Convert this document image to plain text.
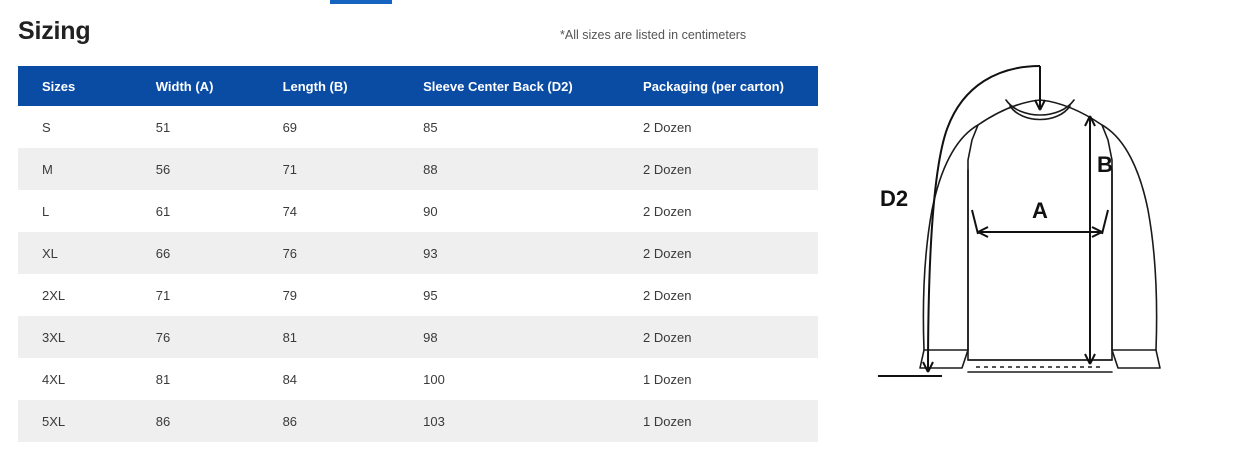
Sizing	*All sizes are listed in centimeters
Sizes	Width (A)	Length (B)	Sleeve Center Back (D2)	Packaging (per carton)
S	51	69	85	2 Dozen
M	56	71	88	2 Dozen
L	61	74	90	2 Dozen
XL	66	76	93	2 Dozen
2XL	71	79	95	2 Dozen
3XL	76	81	98	2 Dozen
4XL	81	84	100	1 Dozen
5XL	86	86	103	1 Dozen
A
B
D2
